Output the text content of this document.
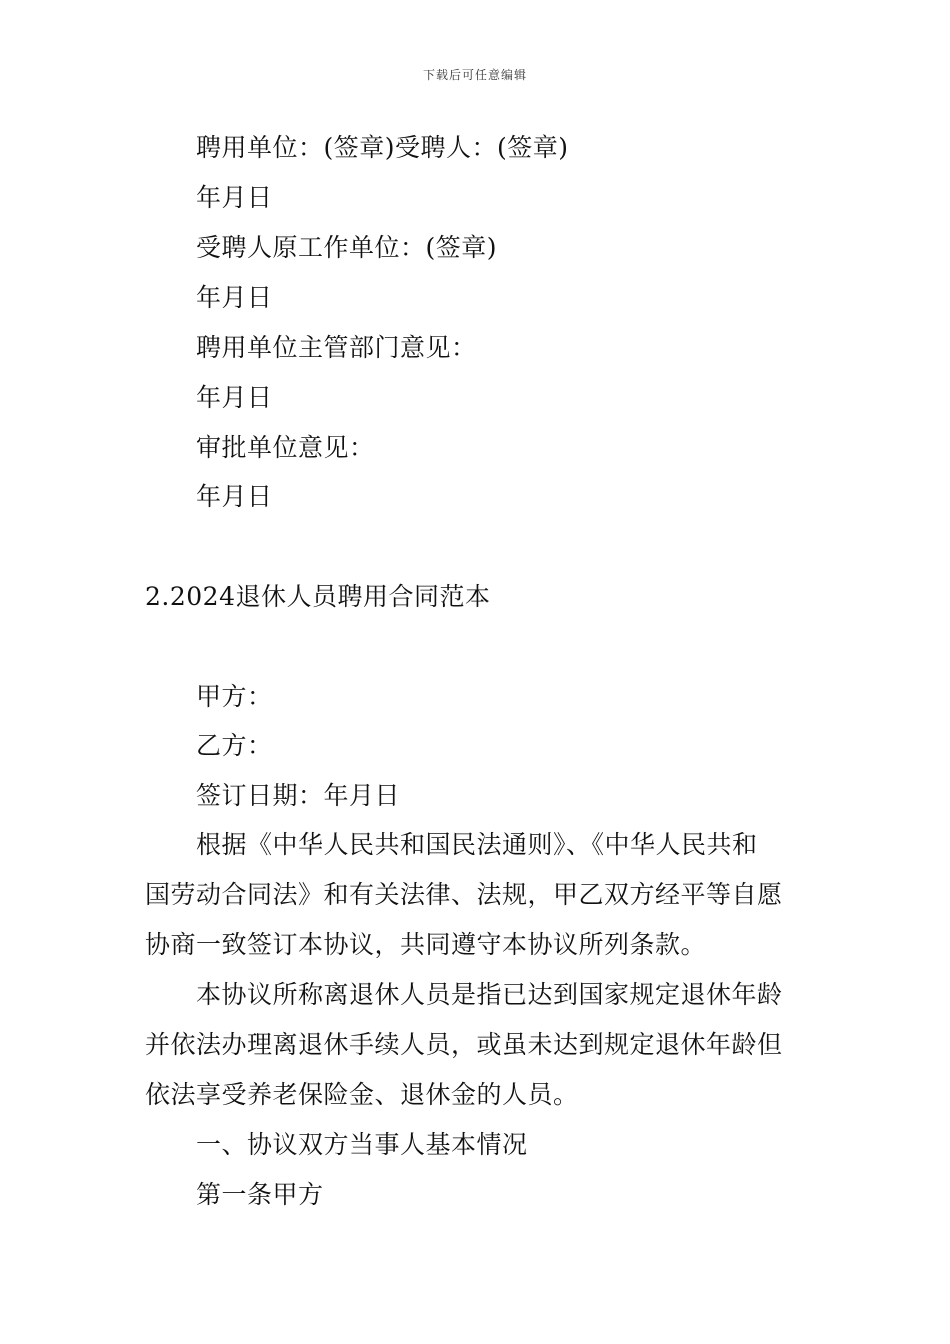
下载后可任意编辑
聘用单位：(签章)受聘人：(签章)
年月日
受聘人原工作单位：(签章)
年月日
聘用单位主管部门意见：
年月日
审批单位意见：
年月日
2.2024退休人员聘用合同范本
甲方：
乙方：
签订日期：年月日
根据《中华人民共和国民法通则》、《中华人民共和
国劳动合同法》和有关法律、法规，甲乙双方经平等自愿
协商一致签订本协议，共同遵守本协议所列条款。
本协议所称离退休人员是指已达到国家规定退休年龄
并依法办理离退休手续人员，或虽未达到规定退休年龄但
依法享受养老保险金、退休金的人员。
一、协议双方当事人基本情况
第一条甲方
